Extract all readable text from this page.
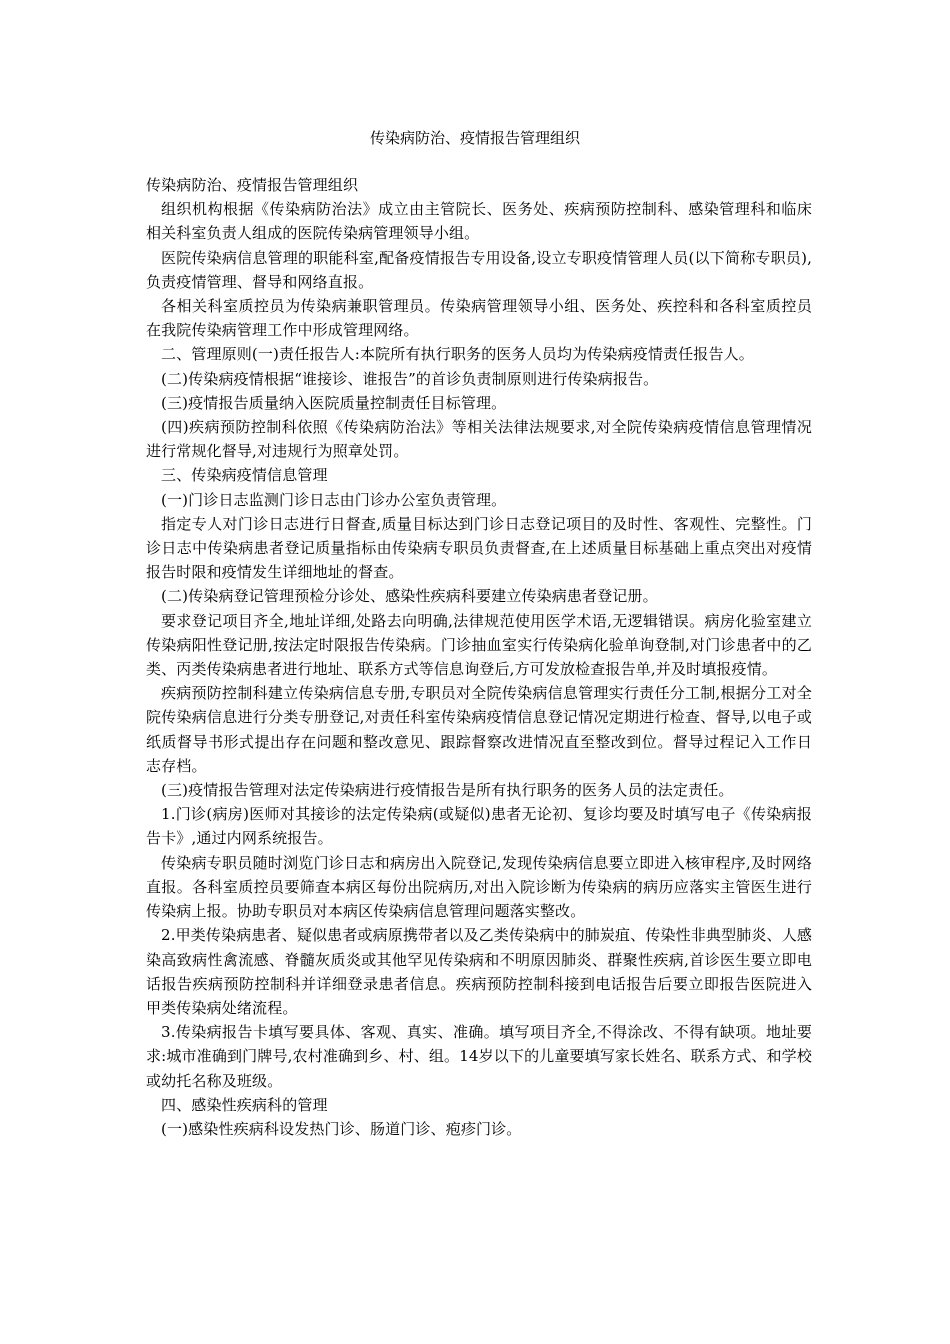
传染病防治、疫情报告管理组织

传染病防治、疫情报告管理组织

组织机构根据《传染病防治法》成立由主管院长、医务处、疾病预防控制科、感染管理科和临床相关科室负责人组成的医院传染病管理领导小组。

医院传染病信息管理的职能科室,配备疫情报告专用设备,设立专职疫情管理人员(以下简称专职员),负责疫情管理、督导和网络直报。

各相关科室质控员为传染病兼职管理员。传染病管理领导小组、医务处、疾控科和各科室质控员在我院传染病管理工作中形成管理网络。

二、管理原则(一)责任报告人:本院所有执行职务的医务人员均为传染病疫情责任报告人。

(二)传染病疫情根据“谁接诊、谁报告”的首诊负责制原则进行传染病报告。

(三)疫情报告质量纳入医院质量控制责任目标管理。

(四)疾病预防控制科依照《传染病防治法》等相关法律法规要求,对全院传染病疫情信息管理情况进行常规化督导,对违规行为照章处罚。

三、传染病疫情信息管理

(一)门诊日志监测门诊日志由门诊办公室负责管理。

指定专人对门诊日志进行日督查,质量目标达到门诊日志登记项目的及时性、客观性、完整性。门诊日志中传染病患者登记质量指标由传染病专职员负责督查,在上述质量目标基础上重点突出对疫情报告时限和疫情发生详细地址的督查。

(二)传染病登记管理预检分诊处、感染性疾病科要建立传染病患者登记册。

要求登记项目齐全,地址详细,处路去向明确,法律规范使用医学术语,无逻辑错误。病房化验室建立传染病阳性登记册,按法定时限报告传染病。门诊抽血室实行传染病化验单询登制,对门诊患者中的乙类、丙类传染病患者进行地址、联系方式等信息询登后,方可发放检查报告单,并及时填报疫情。

疾病预防控制科建立传染病信息专册,专职员对全院传染病信息管理实行责任分工制,根据分工对全院传染病信息进行分类专册登记,对责任科室传染病疫情信息登记情况定期进行检查、督导,以电子或纸质督导书形式提出存在问题和整改意见、跟踪督察改进情况直至整改到位。督导过程记入工作日志存档。

(三)疫情报告管理对法定传染病进行疫情报告是所有执行职务的医务人员的法定责任。

1.门诊(病房)医师对其接诊的法定传染病(或疑似)患者无论初、复诊均要及时填写电子《传染病报告卡》,通过内网系统报告。

传染病专职员随时浏览门诊日志和病房出入院登记,发现传染病信息要立即进入核审程序,及时网络直报。各科室质控员要筛查本病区每份出院病历,对出入院诊断为传染病的病历应落实主管医生进行传染病上报。协助专职员对本病区传染病信息管理问题落实整改。

2.甲类传染病患者、疑似患者或病原携带者以及乙类传染病中的肺炭疽、传染性非典型肺炎、人感染高致病性禽流感、脊髓灰质炎或其他罕见传染病和不明原因肺炎、群聚性疾病,首诊医生要立即电话报告疾病预防控制科并详细登录患者信息。疾病预防控制科接到电话报告后要立即报告医院进入甲类传染病处绪流程。

3.传染病报告卡填写要具体、客观、真实、准确。填写项目齐全,不得涂改、不得有缺项。地址要求:城市准确到门牌号,农村准确到乡、村、组。14岁以下的儿童要填写家长姓名、联系方式、和学校或幼托名称及班级。

四、感染性疾病科的管理

(一)感染性疾病科设发热门诊、肠道门诊、疱疹门诊。
